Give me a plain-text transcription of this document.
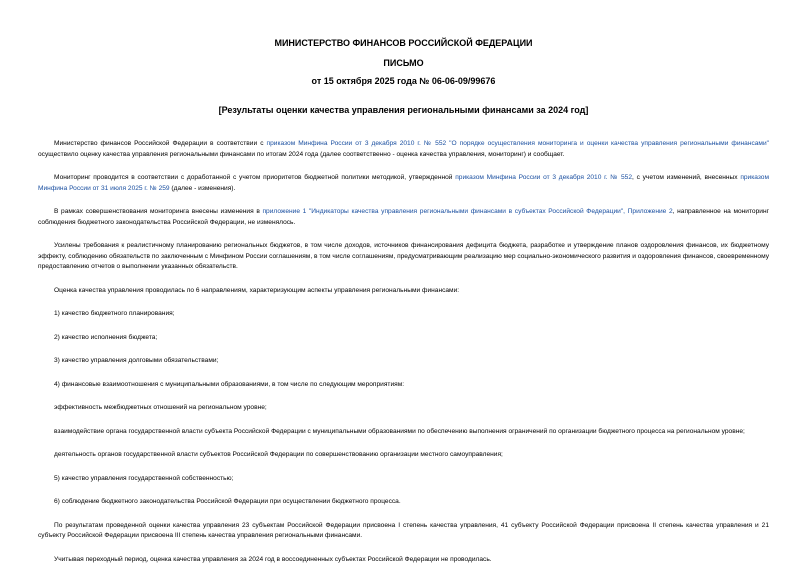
МИНИСТЕРСТВО ФИНАНСОВ РОССИЙСКОЙ ФЕДЕРАЦИИ
ПИСЬМО
от 15 октября 2025 года № 06-06-09/99676
[Результаты оценки качества управления региональными финансами за 2024 год]

Министерство финансов Российской Федерации в соответствии с приказом Минфина России от 3 декабря 2010 г. № 552 "О порядке осуществления мониторинга и оценки качества управления региональными финансами" осуществило оценку качества управления региональными финансами по итогам 2024 года (далее соответственно - оценка качества управления, мониторинг) и сообщает.

Мониторинг проводится в соответствии с доработанной с учетом приоритетов бюджетной политики методикой, утвержденной приказом Минфина России от 3 декабря 2010 г. № 552, с учетом изменений, внесенных приказом Минфина России от 31 июля 2025 г. № 259 (далее - изменения).

В рамках совершенствования мониторинга внесены изменения в приложение 1 "Индикаторы качества управления региональными финансами в субъектах Российской Федерации", Приложение 2, направленное на мониторинг соблюдения бюджетного законодательства Российской Федерации, не изменялось.

Усилены требования к реалистичному планированию региональных бюджетов, в том числе доходов, источников финансирования дефицита бюджета, разработке и утверждение планов оздоровления финансов, их бюджетному эффекту, соблюдению обязательств по заключенным с Минфином России соглашениям, в том числе соглашениям, предусматривающим реализацию мер социально-экономического развития и оздоровления финансов, своевременному предоставлению отчетов о выполнении указанных обязательств.

Оценка качества управления проводилась по 6 направлениям, характеризующим аспекты управления региональными финансами:

1) качество бюджетного планирования;

2) качество исполнения бюджета;

3) качество управления долговыми обязательствами;

4) финансовые взаимоотношения с муниципальными образованиями, в том числе по следующим мероприятиям:

эффективность межбюджетных отношений на региональном уровне;

взаимодействие органа государственной власти субъекта Российской Федерации с муниципальными образованиями по обеспечению выполнения ограничений по организации бюджетного процесса на региональном уровне;

деятельность органов государственной власти субъектов Российской Федерации по совершенствованию организации местного самоуправления;

5) качество управления государственной собственностью;

6) соблюдение бюджетного законодательства Российской Федерации при осуществлении бюджетного процесса.

По результатам проведенной оценки качества управления 23 субъектам Российской Федерации присвоена I степень качества управления, 41 субъекту Российской Федерации присвоена II степень качества управления и 21 субъекту Российской Федерации присвоена III степень качества управления региональными финансами.

Учитывая переходный период, оценка качества управления за 2024 год в воссоединенных субъектах Российской Федерации не проводилась.
